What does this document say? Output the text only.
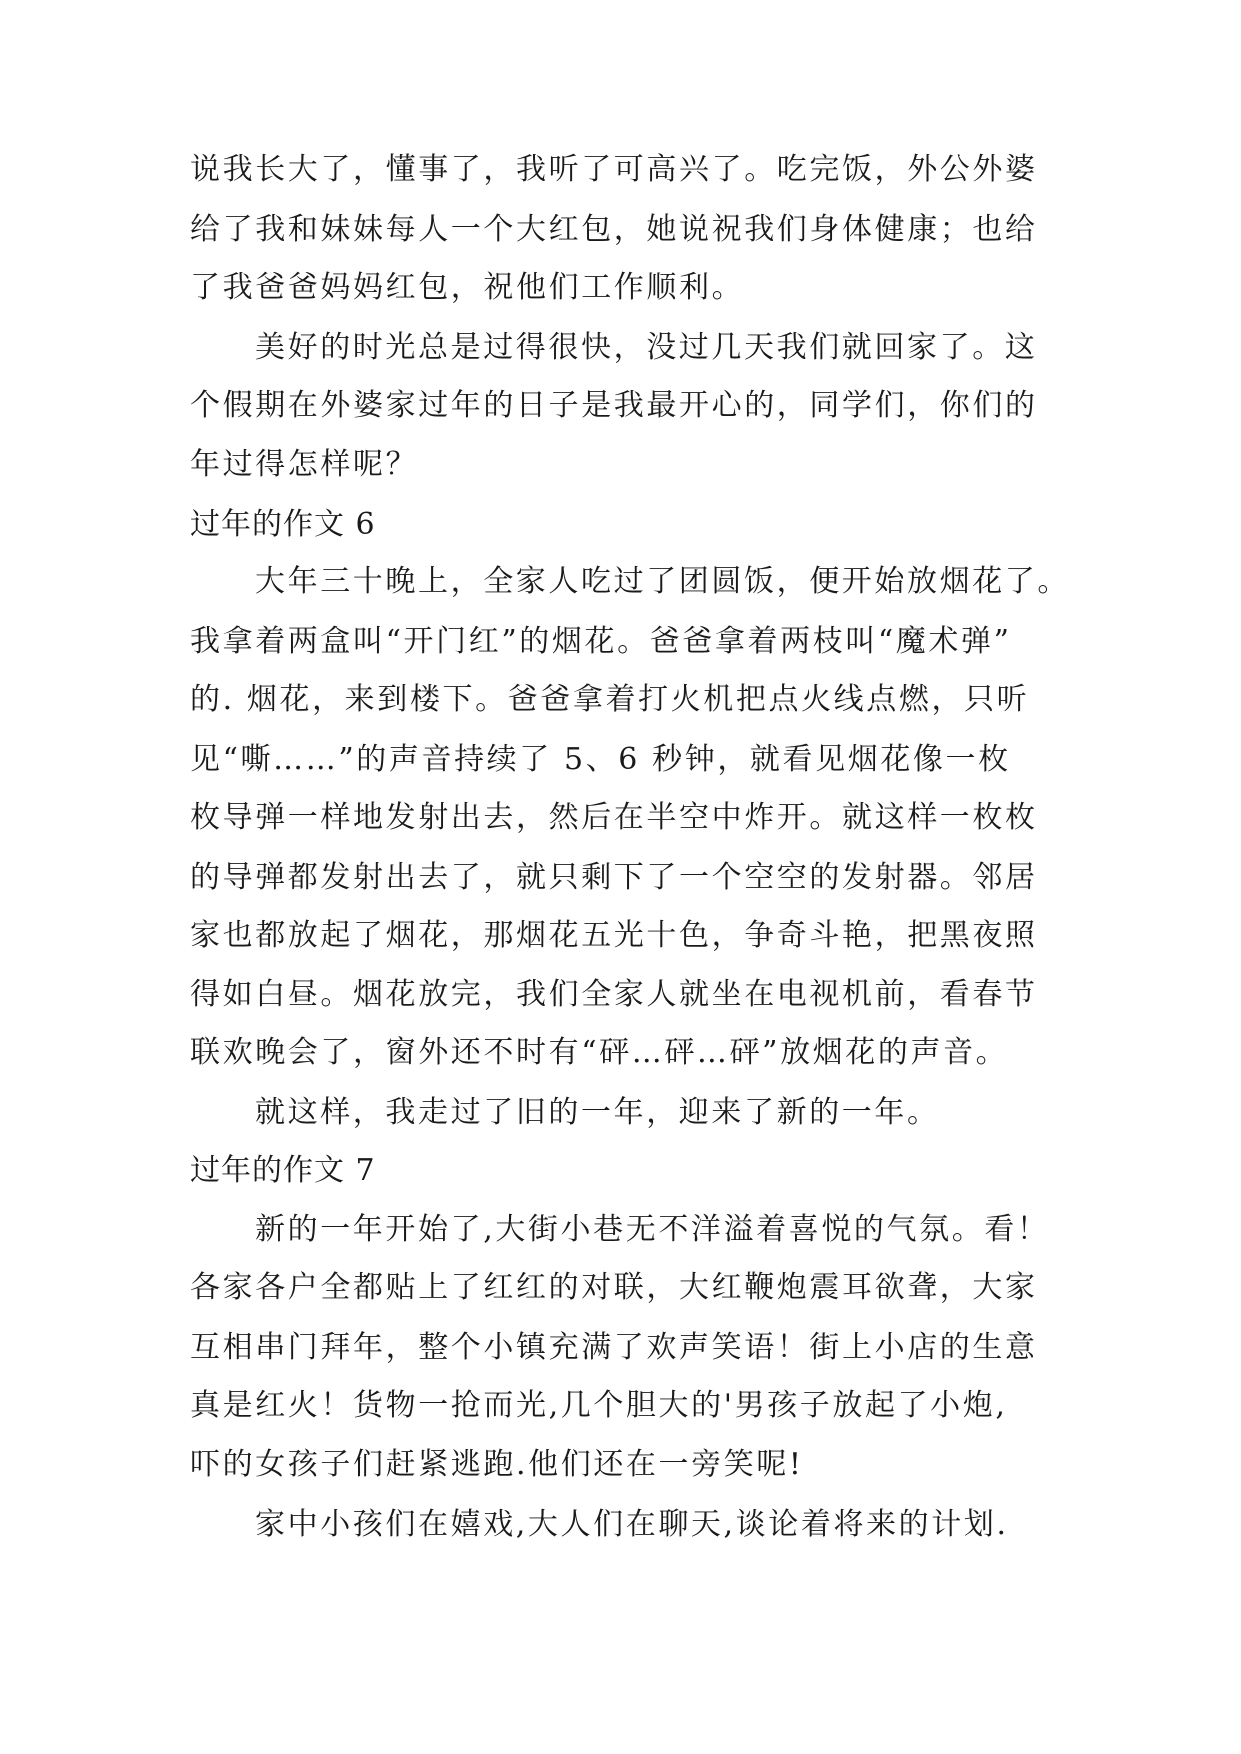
说我长大了，懂事了，我听了可高兴了。吃完饭，外公外婆
给了我和妹妹每人一个大红包，她说祝我们身体健康；也给
了我爸爸妈妈红包，祝他们工作顺利。
美好的时光总是过得很快，没过几天我们就回家了。这
个假期在外婆家过年的日子是我最开心的，同学们，你们的
年过得怎样呢？
过年的作文 6
大年三十晚上，全家人吃过了团圆饭，便开始放烟花了。
我拿着两盒叫“开门红”的烟花。爸爸拿着两枝叫“魔术弹”
的. 烟花，来到楼下。爸爸拿着打火机把点火线点燃，只听
见“嘶……”的声音持续了 5、6 秒钟，就看见烟花像一枚
枚导弹一样地发射出去，然后在半空中炸开。就这样一枚枚
的导弹都发射出去了，就只剩下了一个空空的发射器。邻居
家也都放起了烟花，那烟花五光十色，争奇斗艳，把黑夜照
得如白昼。烟花放完，我们全家人就坐在电视机前，看春节
联欢晚会了，窗外还不时有“砰…砰…砰”放烟花的声音。
就这样，我走过了旧的一年，迎来了新的一年。
过年的作文 7
新的一年开始了,大街小巷无不洋溢着喜悦的气氛。看！
各家各户全都贴上了红红的对联，大红鞭炮震耳欲聋，大家
互相串门拜年，整个小镇充满了欢声笑语！街上小店的生意
真是红火！货物一抢而光,几个胆大的'男孩子放起了小炮,
吓的女孩子们赶紧逃跑.他们还在一旁笑呢!
家中小孩们在嬉戏,大人们在聊天,谈论着将来的计划.
